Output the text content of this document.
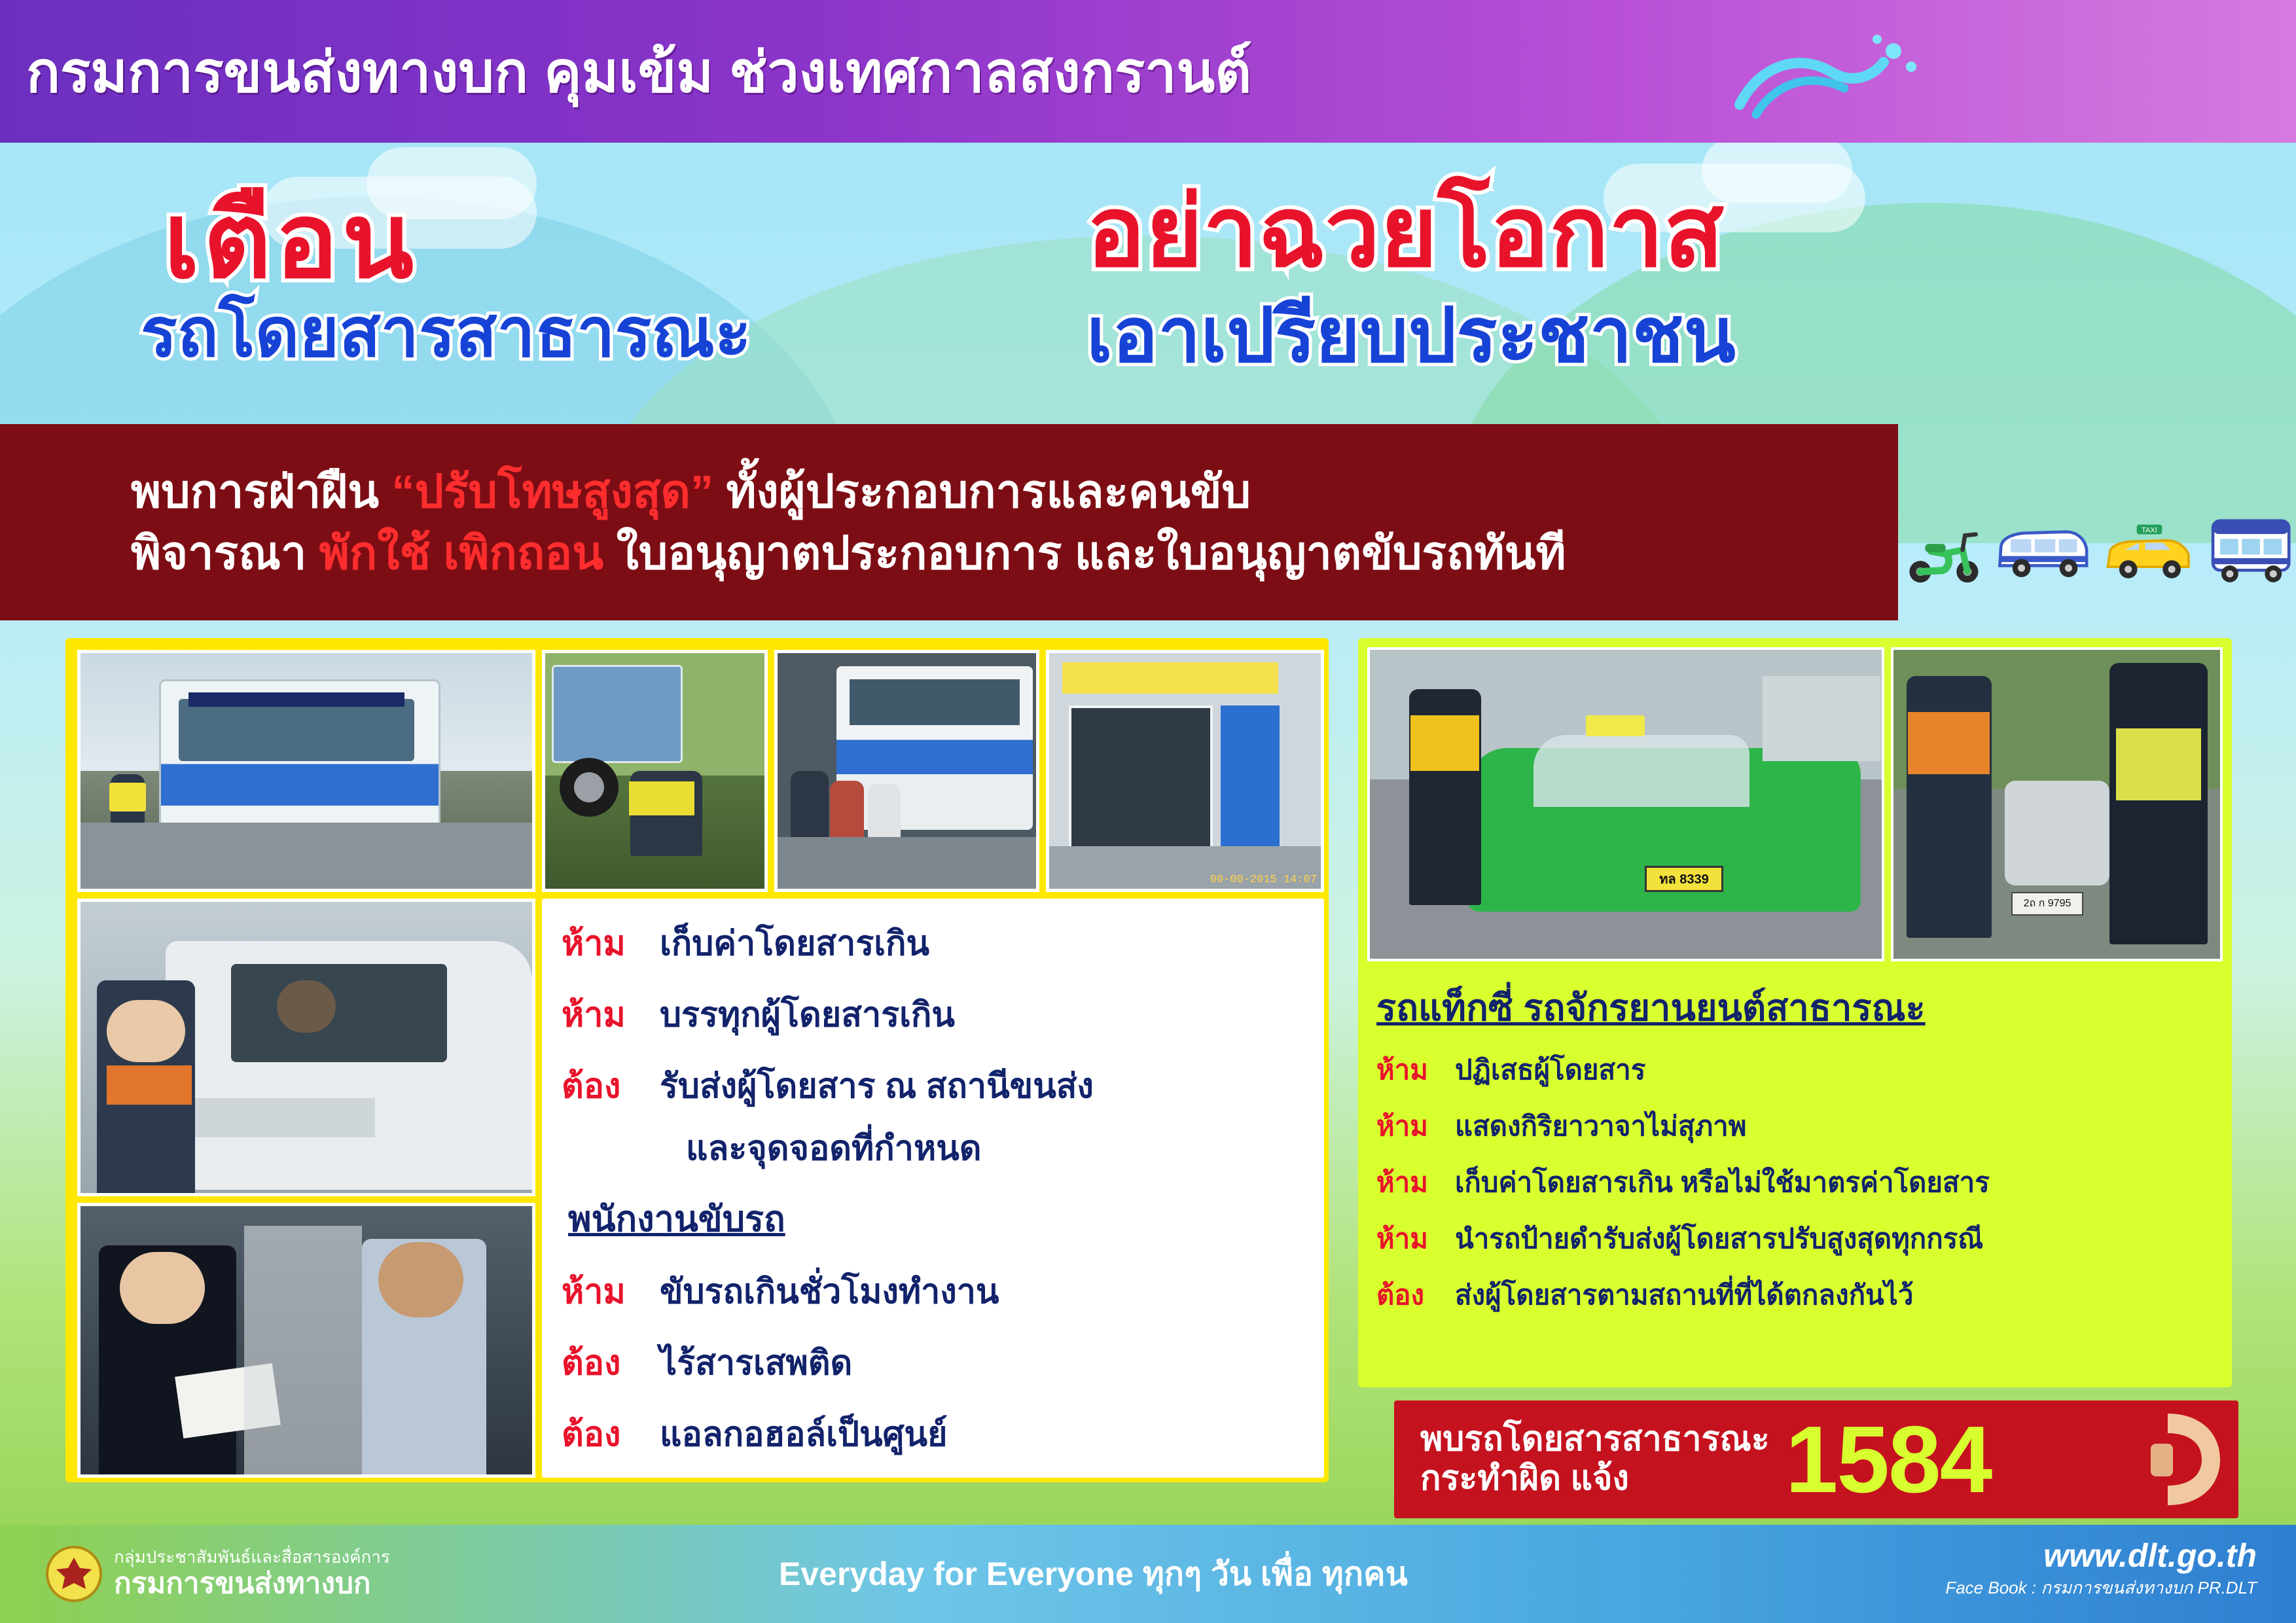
กรมการขนส่งทางบก คุมเข้ม ช่วงเทศกาลสงกรานต์
เตือน
รถโดยสารสาธารณะ
อย่าฉวยโอกาส
เอาเปรียบประชาชน
พบการฝ่าฝืน “ปรับโทษสูงสุด” ทั้งผู้ประกอบการและคนขับ
พิจารณา พักใช้ เพิกถอน ใบอนุญาตประกอบการ และใบอนุญาตขับรถทันที	TAXI
00-00-2015 14:07
ห้าม	เก็บค่าโดยสารเกิน
ห้าม	บรรทุกผู้โดยสารเกิน
ต้อง	รับส่งผู้โดยสาร ณ สถานีขนส่ง
และจุดจอดที่กำหนด
พนักงานขับรถ
ห้าม	ขับรถเกินชั่วโมงทำงาน
ต้อง	ไร้สารเสพติด
ต้อง	แอลกอฮอล์เป็นศูนย์
ทล 8339
2ถ ก 9795
รถแท็กซี่ รถจักรยานยนต์สาธารณะ
ห้าม ปฏิเสธผู้โดยสาร
ห้าม แสดงกิริยาวาจาไม่สุภาพ
ห้าม เก็บค่าโดยสารเกิน หรือไม่ใช้มาตรค่าโดยสาร
ห้าม นำรถป้ายดำรับส่งผู้โดยสารปรับสูงสุดทุกกรณี
ต้อง	ส่งผู้โดยสารตามสถานที่ที่ได้ตกลงกันไว้
พบรถโดยสารสาธารณะ
กระทำผิด แจ้ง	1584
กลุ่มประชาสัมพันธ์และสื่อสารองค์การ
กรมการขนส่งทางบก	Everyday for Everyone ทุกๆ วัน เพื่อ ทุกคน	www.dlt.go.th
Face Book : กรมการขนส่งทางบก PR.DLT
